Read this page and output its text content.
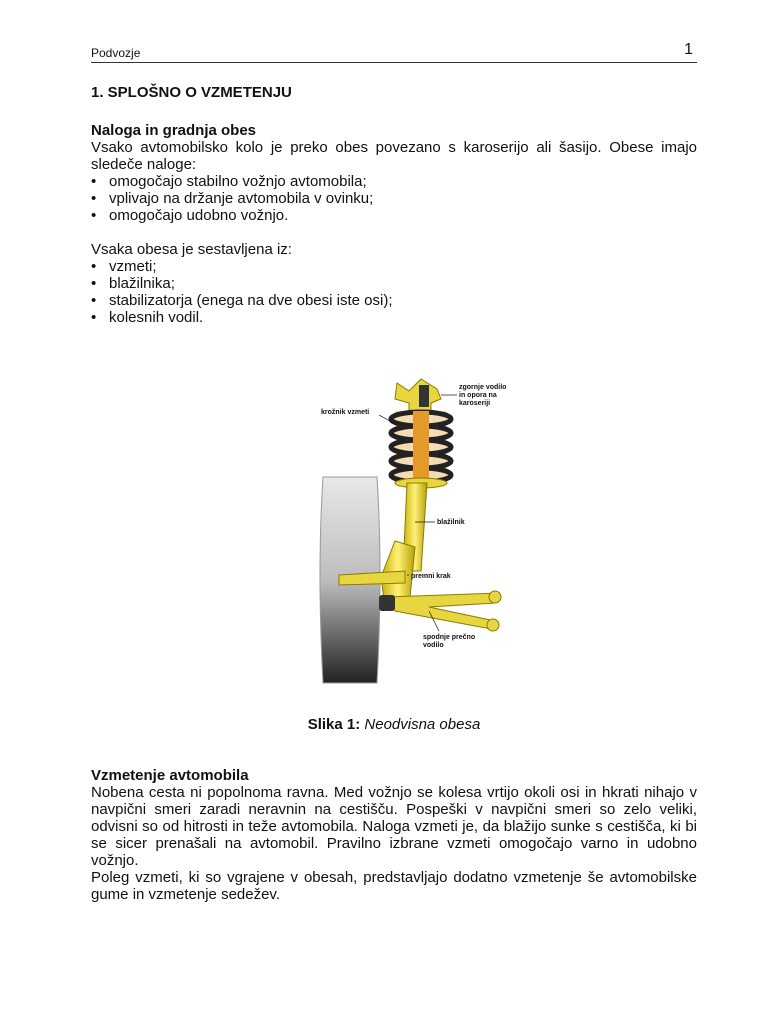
Podvozje	1
1. SPLOŠNO O VZMETENJU
Naloga in gradnja obes

Vsako avtomobilsko kolo je preko obes povezano s karoserijo ali šasijo. Obese imajo sledeče naloge:

• omogočajo stabilno vožnjo avtomobila;
• vplivajo na držanje avtomobila v ovinku;
• omogočajo udobno vožnjo.

Vsaka obesa je sestavljena iz:

• vzmeti;
• blažilnika;
• stabilizatorja (enega na dve obesi iste osi);
• kolesnih vodil.
zgornje vodilo
in opora na
karoseriji
krožnik vzmeti
blažilnik
premni krak
spodnje prečno
vodilo
Slika 1: Neodvisna obesa
Vzmetenje avtomobila

Nobena cesta ni popolnoma ravna. Med vožnjo se kolesa vrtijo okoli osi in hkrati nihajo v navpični smeri zaradi neravnin na cestišču. Pospeški v navpični smeri so zelo veliki, odvisni so od hitrosti in teže avtomobila. Naloga vzmeti je, da blažijo sunke s cestišča, ki bi se sicer prenašali na avtomobil. Pravilno izbrane vzmeti omogočajo varno in udobno vožnjo.

Poleg vzmeti, ki so vgrajene v obesah, predstavljajo dodatno vzmetenje še avtomobilske gume in vzmetenje sedežev.
